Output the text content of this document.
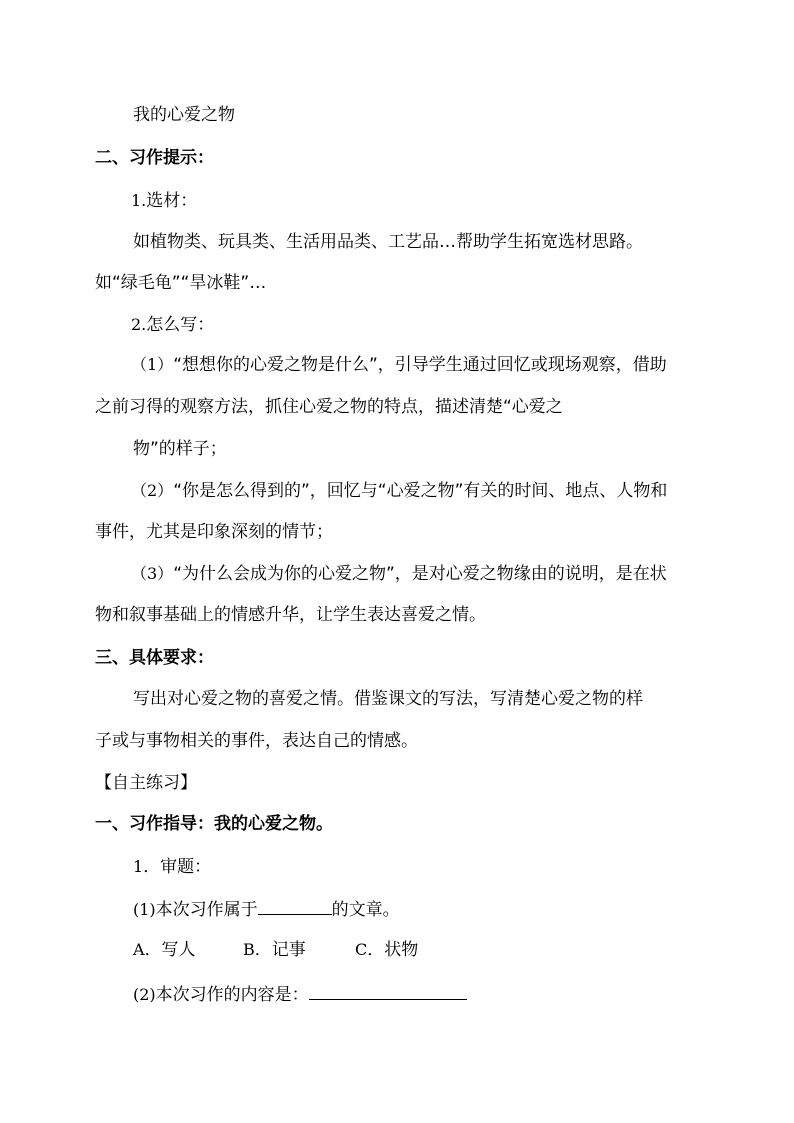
我的心爱之物
二、习作提示：
1.选材：
如植物类、玩具类、生活用品类、工艺品…帮助学生拓宽选材思路。
如“绿毛龟”“旱冰鞋”…
2.怎么写：
（1）“想想你的心爱之物是什么”，引导学生通过回忆或现场观察，借助
之前习得的观察方法，抓住心爱之物的特点，描述清楚“心爱之
物”的样子；
（2）“你是怎么得到的”，回忆与“心爱之物”有关的时间、地点、人物和
事件，尤其是印象深刻的情节；
（3）“为什么会成为你的心爱之物”，是对心爱之物缘由的说明，是在状
物和叙事基础上的情感升华，让学生表达喜爱之情。
三、具体要求：
写出对心爱之物的喜爱之情。借鉴课文的写法，写清楚心爱之物的样
子或与事物相关的事件，表达自己的情感。
【自主练习】
一、习作指导：我的心爱之物。
1．审题：
(1)本次习作属于	的文章。
A．写人	B．记事	C．状物
(2)本次习作的内容是：
